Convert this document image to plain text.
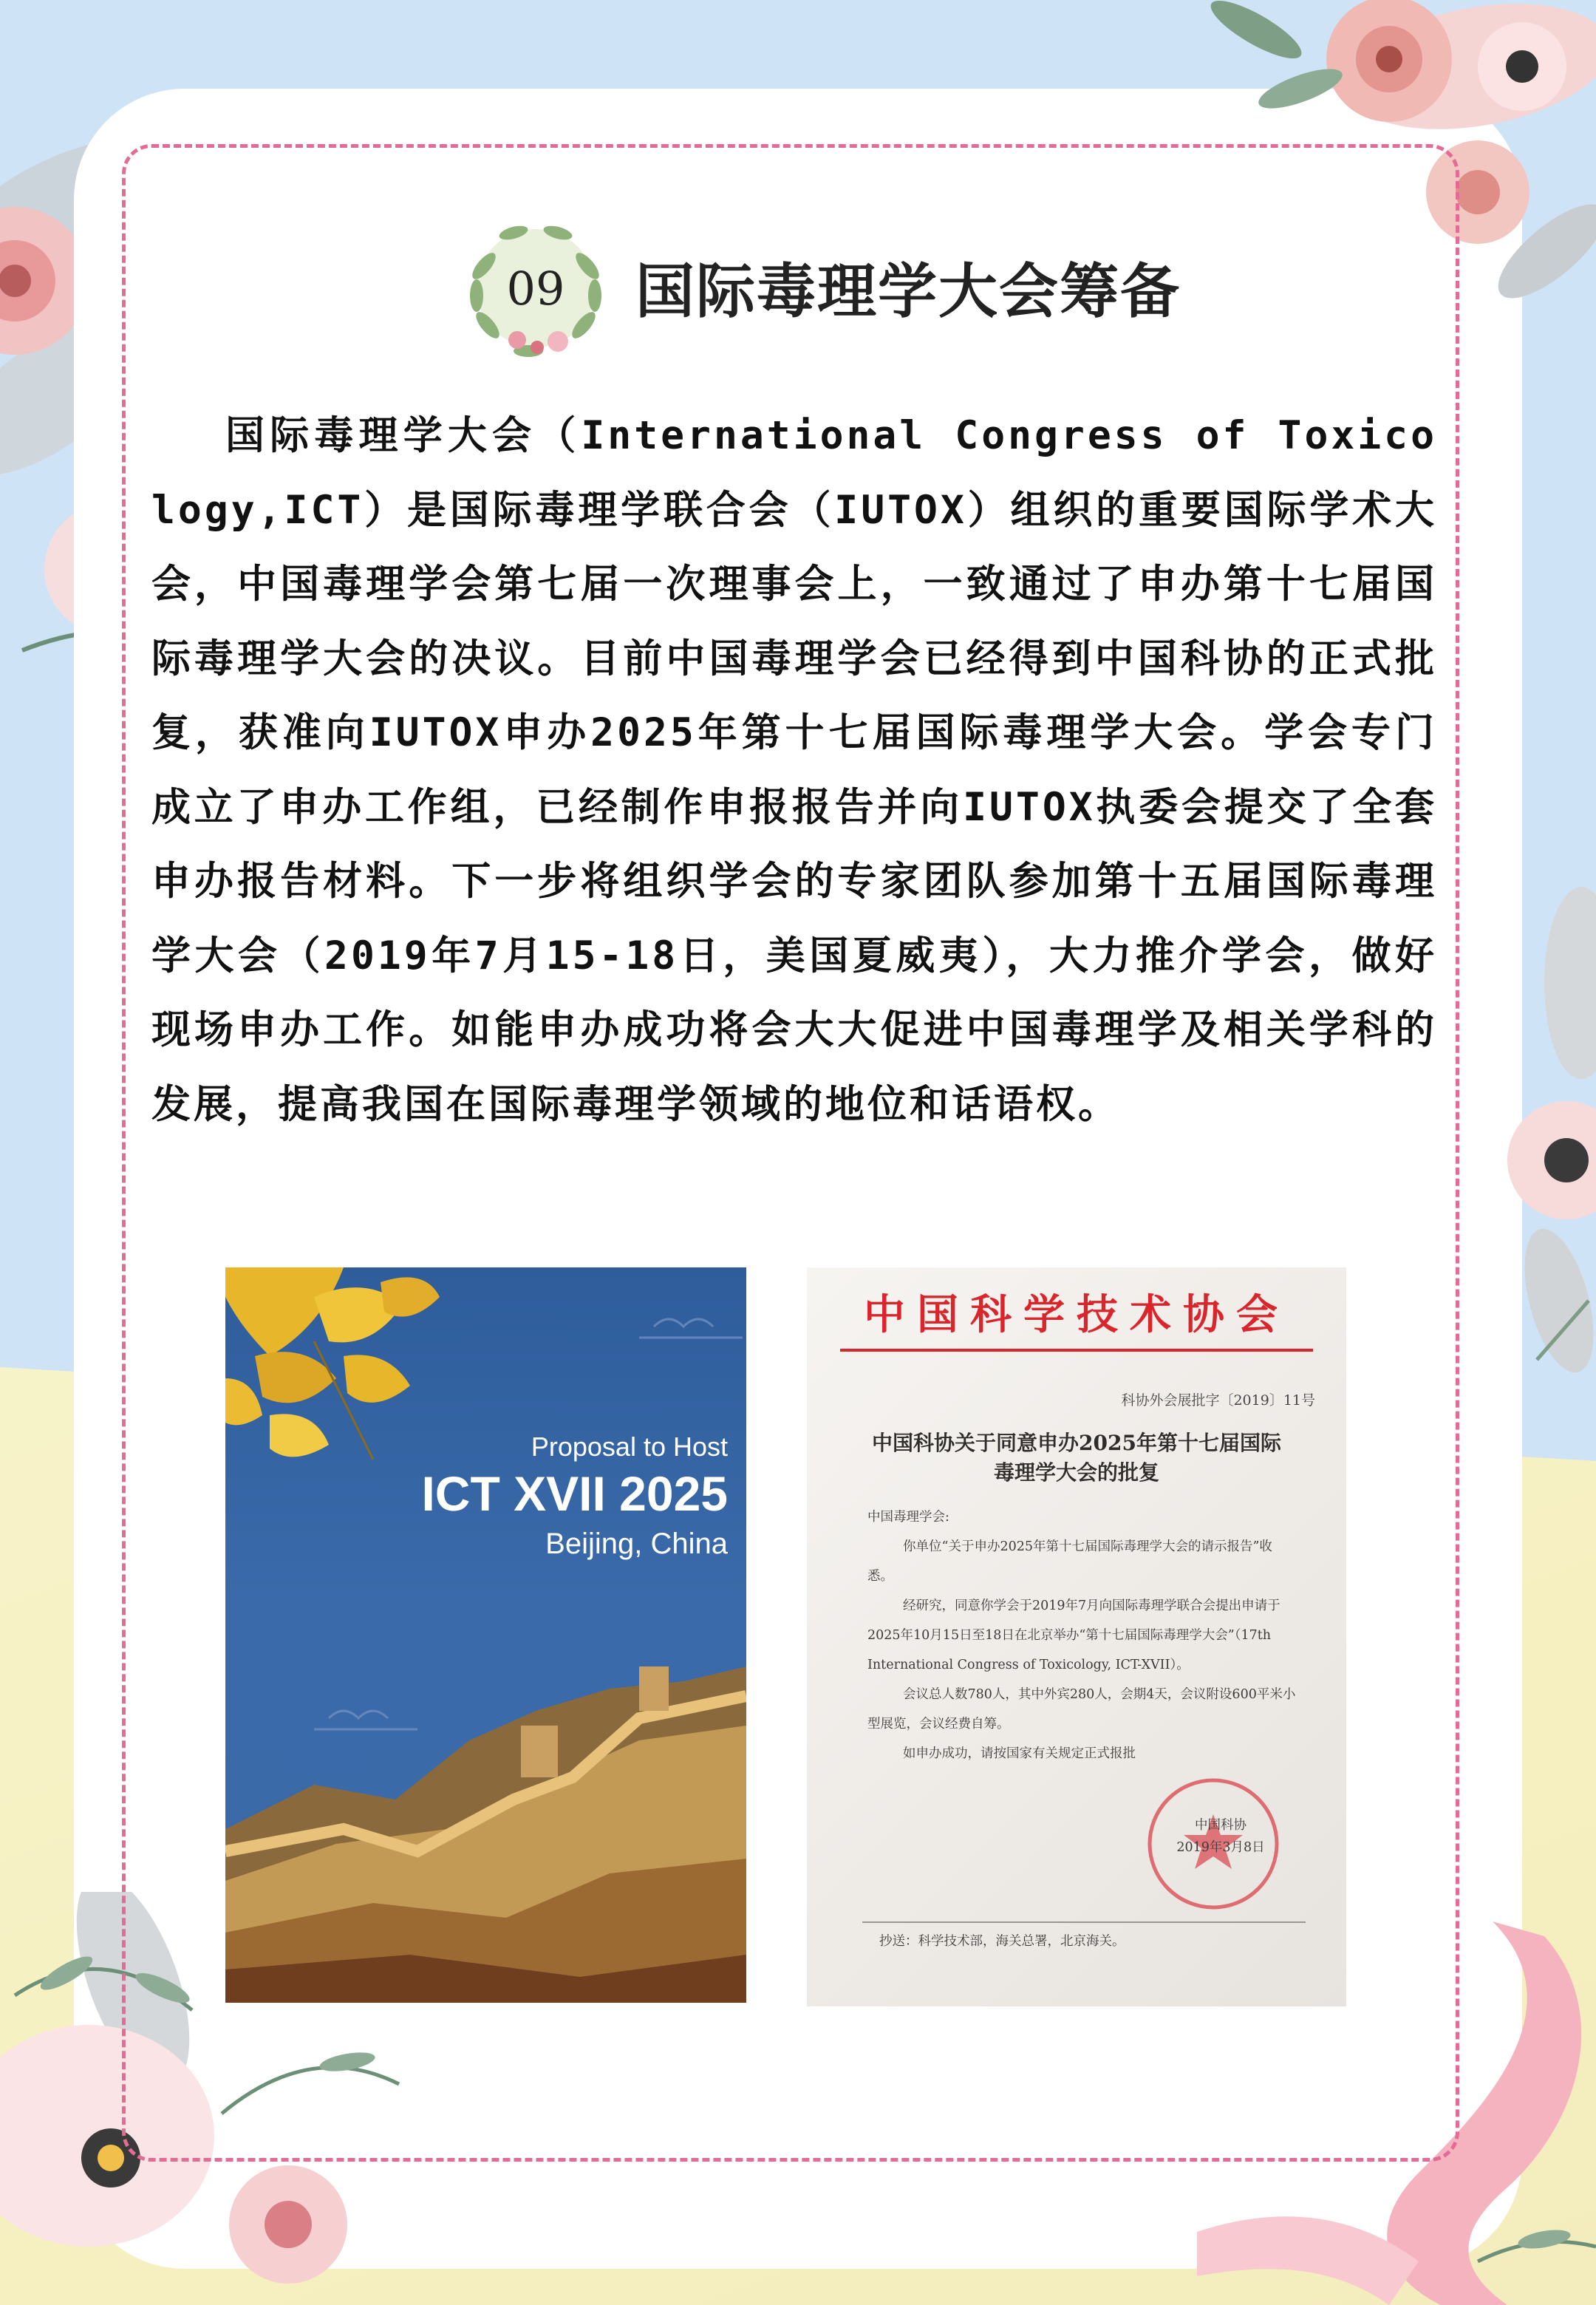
09	国际毒理学大会筹备

国际毒理学大会（International Congress of Toxicology,ICT）是国际毒理学联合会（IUTOX）组织的重要国际学术大会，中国毒理学会第七届一次理事会上，一致通过了申办第十七届国际毒理学大会的决议。目前中国毒理学会已经得到中国科协的正式批复，获准向IUTOX申办2025年第十七届国际毒理学大会。学会专门成立了申办工作组，已经制作申报报告并向IUTOX执委会提交了全套申办报告材料。下一步将组织学会的专家团队参加第十五届国际毒理学大会（2019年7月15-18日，美国夏威夷），大力推介学会，做好现场申办工作。如能申办成功将会大大促进中国毒理学及相关学科的发展，提高我国在国际毒理学领域的地位和话语权。

Proposal to Host
ICT XVII 2025
Beijing, China
中国科学技术协会
科协外会展批字〔2019〕11号
中国科协关于同意申办2025年第十七届国际
毒理学大会的批复

中国毒理学会:

你单位“关于申办2025年第十七届国际毒理学大会的请示报告”收悉。

经研究，同意你学会于2019年7月向国际毒理学联合会提出申请于2025年10月15日至18日在北京举办“第十七届国际毒理学大会”（17th International Congress of Toxicology, ICT-XVII）。

会议总人数780人，其中外宾280人，会期4天，会议附设600平米小型展览，会议经费自筹。

如申办成功，请按国家有关规定正式报批

中国科协
2019年3月8日
抄送：科学技术部，海关总署，北京海关。
